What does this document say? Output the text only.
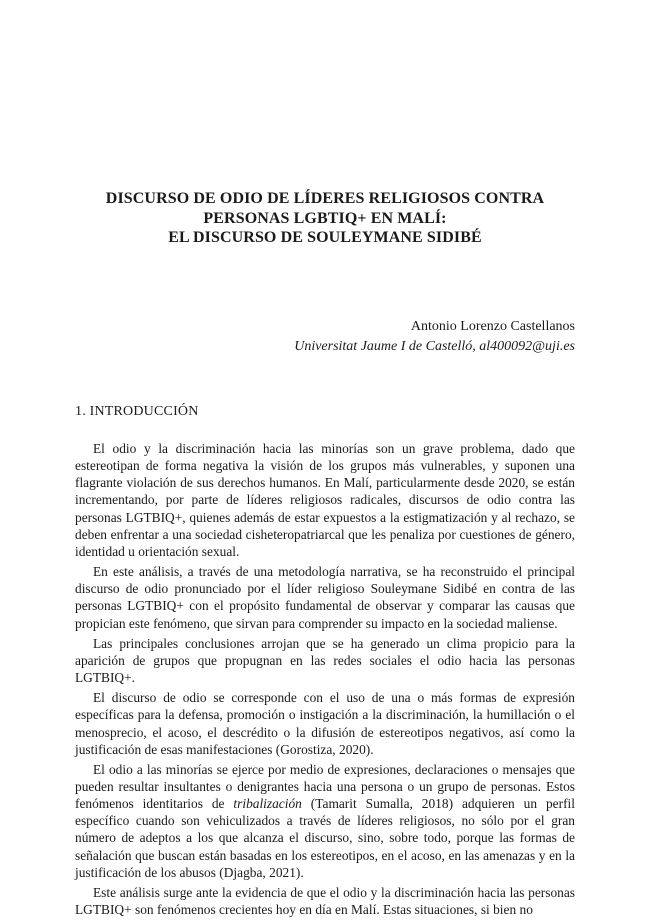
DISCURSO DE ODIO DE LÍDERES RELIGIOSOS CONTRA
PERSONAS LGBTIQ+ EN MALÍ:
EL DISCURSO DE SOULEYMANE SIDIBÉ
Antonio Lorenzo Castellanos
Universitat Jaume I de Castelló, al400092@uji.es
1. INTRODUCCIÓN

El odio y la discriminación hacia las minorías son un grave problema, dado que estereotipan de forma negativa la visión de los grupos más vulnerables, y suponen una flagrante violación de sus derechos humanos. En Malí, particularmente desde 2020, se están incrementando, por parte de líderes religiosos radicales, discursos de odio contra las personas LGTBIQ+, quienes además de estar expuestos a la estigmatización y al rechazo, se deben enfrentar a una sociedad cisheteropatriarcal que les penaliza por cuestiones de género, identidad u orientación sexual.

En este análisis, a través de una metodología narrativa, se ha reconstruido el principal discurso de odio pronunciado por el líder religioso Souleymane Sidibé en contra de las personas LGTBIQ+ con el propósito fundamental de observar y comparar las causas que propician este fenómeno, que sirvan para comprender su impacto en la sociedad maliense.

Las principales conclusiones arrojan que se ha generado un clima propicio para la aparición de grupos que propugnan en las redes sociales el odio hacia las personas LGTBIQ+.

El discurso de odio se corresponde con el uso de una o más formas de expresión específicas para la defensa, promoción o instigación a la discriminación, la humillación o el menosprecio, el acoso, el descrédito o la difusión de estereotipos negativos, así como la justificación de esas manifestaciones (Gorostiza, 2020).

El odio a las minorías se ejerce por medio de expresiones, declaraciones o mensajes que pueden resultar insultantes o denigrantes hacia una persona o un grupo de personas. Estos fenómenos identitarios de tribalización (Tamarit Sumalla, 2018) adquieren un perfil específico cuando son vehiculizados a través de líderes religiosos, no sólo por el gran número de adeptos a los que alcanza el discurso, sino, sobre todo, porque las formas de señalación que buscan están basadas en los estereotipos, en el acoso, en las amenazas y en la justificación de los abusos (Djagba, 2021).

Este análisis surge ante la evidencia de que el odio y la discriminación hacia las personas LGTBIQ+ son fenómenos crecientes hoy en día en Malí. Estas situaciones, si bien no
